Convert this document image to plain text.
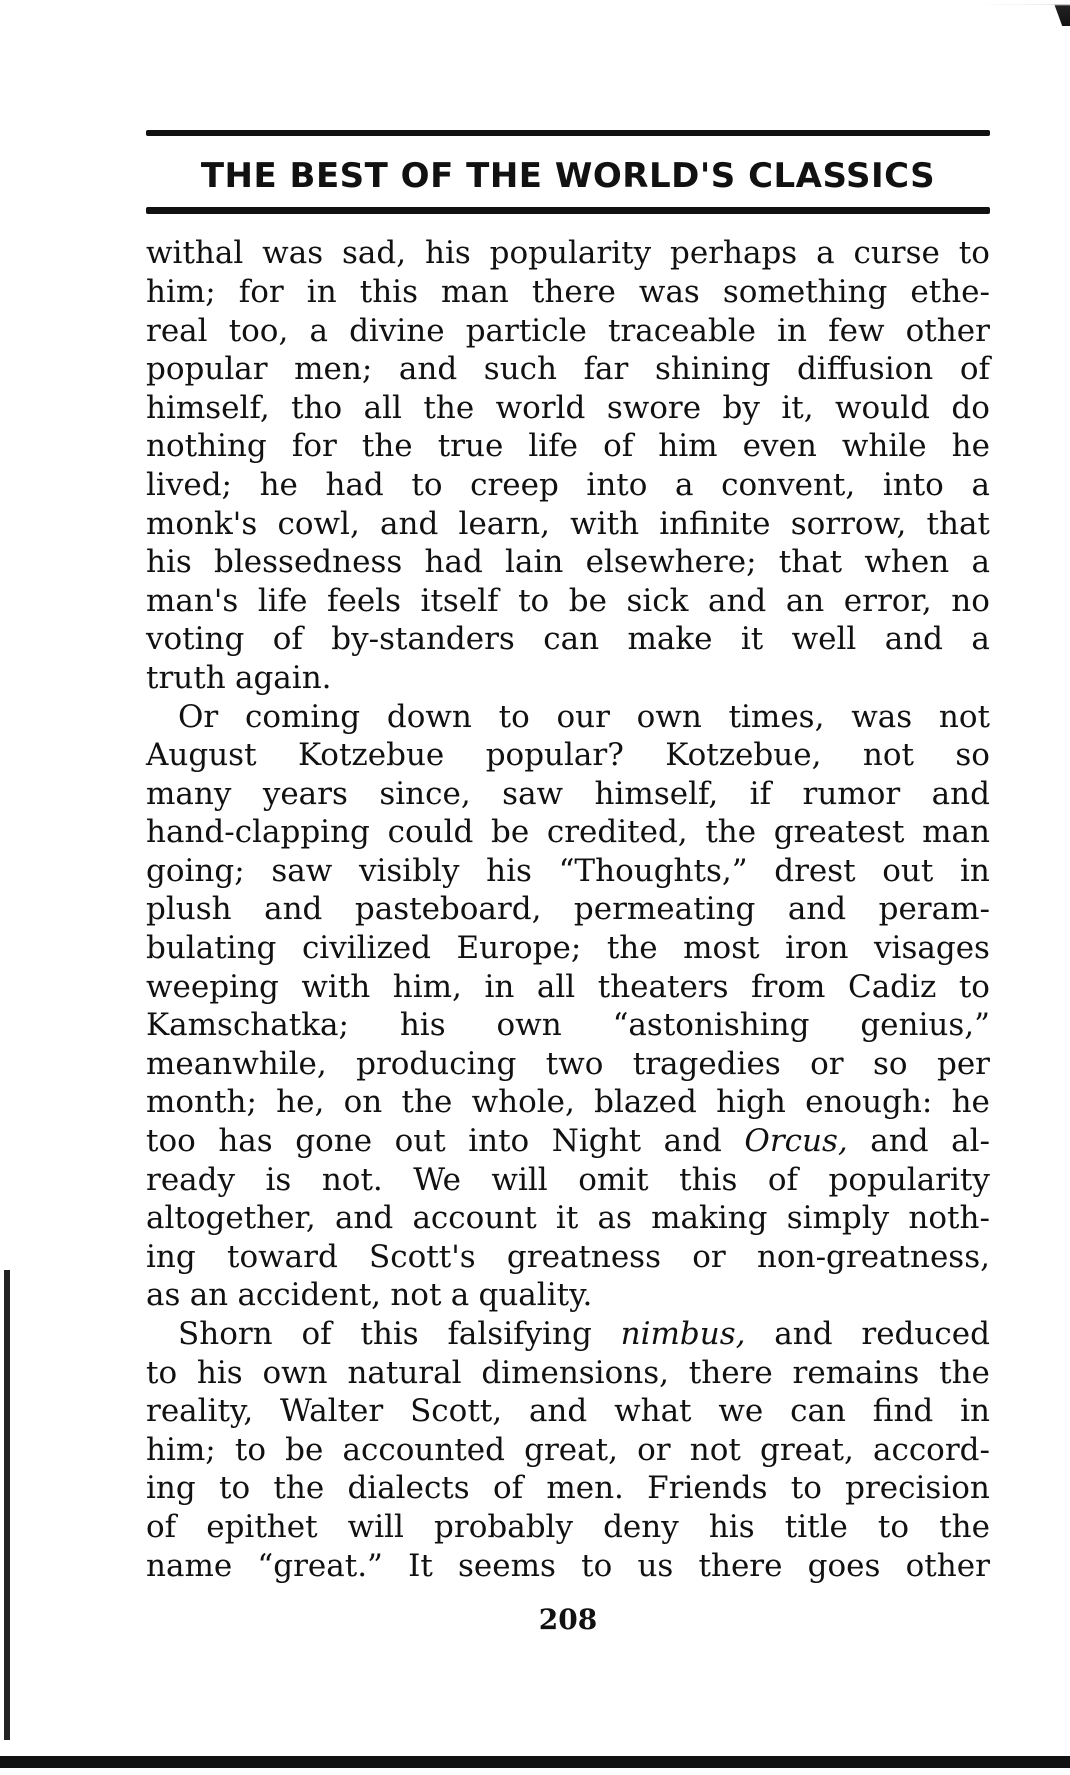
THE BEST OF THE WORLD'S CLASSICS
withal was sad, his popularity perhaps a curse to
him; for in this man there was something ethe-
real too, a divine particle traceable in few other
popular men; and such far shining diffusion of
himself, tho all the world swore by it, would do
nothing for the true life of him even while he
lived; he had to creep into a convent, into a
monk's cowl, and learn, with infinite sorrow, that
his blessedness had lain elsewhere; that when a
man's life feels itself to be sick and an error, no
voting of by-standers can make it well and a
truth again.
Or coming down to our own times, was not
August Kotzebue popular? Kotzebue, not so
many years since, saw himself, if rumor and
hand-clapping could be credited, the greatest man
going; saw visibly his “Thoughts,” drest out in
plush and pasteboard, permeating and peram-
bulating civilized Europe; the most iron visages
weeping with him, in all theaters from Cadiz to
Kamschatka; his own “astonishing genius,”
meanwhile, producing two tragedies or so per
month; he, on the whole, blazed high enough: he
too has gone out into Night and Orcus, and al-
ready is not. We will omit this of popularity
altogether, and account it as making simply noth-
ing toward Scott's greatness or non-greatness,
as an accident, not a quality.
Shorn of this falsifying nimbus, and reduced
to his own natural dimensions, there remains the
reality, Walter Scott, and what we can find in
him; to be accounted great, or not great, accord-
ing to the dialects of men. Friends to precision
of epithet will probably deny his title to the
name “great.” It seems to us there goes other
208
